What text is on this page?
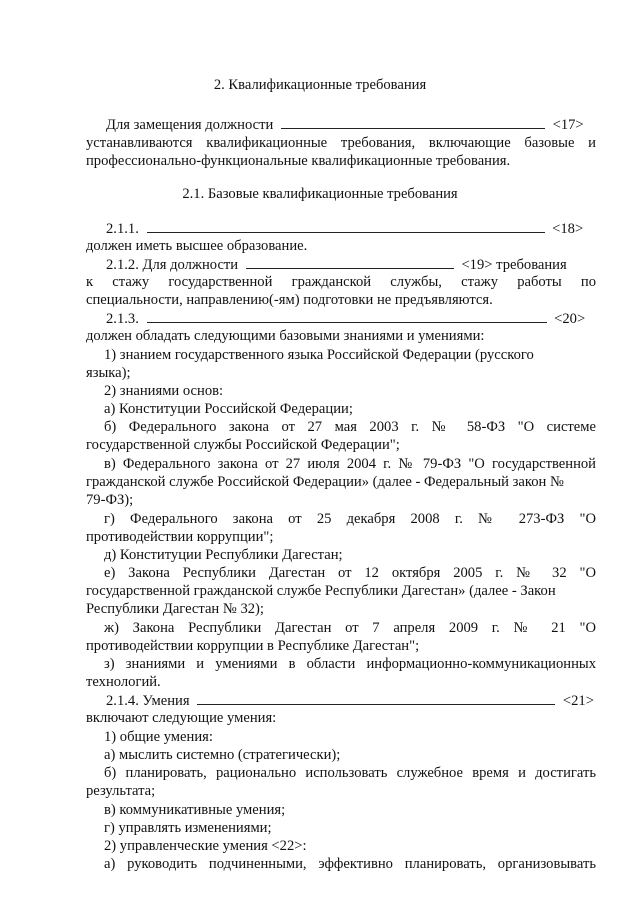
2. Квалификационные требования
Для замещения должности	<17>
устанавливаются квалификационные требования, включающие базовые и
профессионально-функциональные квалификационные требования.
2.1. Базовые квалификационные требования
2.1.1.	<18>
должен иметь высшее образование.
2.1.2. Для должности	<19> требования
к стажу государственной гражданской службы, стажу работы по
специальности, направлению(-ям) подготовки не предъявляются.
2.1.3.	<20>
должен обладать следующими базовыми знаниями и умениями:
1) знанием государственного языка Российской Федерации (русского
языка);
2) знаниями основ:
а) Конституции Российской Федерации;
б) Федерального закона от 27 мая 2003 г. № 58-ФЗ "О системе
государственной службы Российской Федерации";
в) Федерального закона от 27 июля 2004 г. № 79-ФЗ "О государственной
гражданской службе Российской Федерации» (далее - Федеральный закон №
79-ФЗ);
г) Федерального закона от 25 декабря 2008 г. № 273-ФЗ "О
противодействии коррупции";
д) Конституции Республики Дагестан;
е) Закона Республики Дагестан от 12 октября 2005 г. № 32 "О
государственной гражданской службе Республики Дагестан» (далее - Закон
Республики Дагестан № 32);
ж) Закона Республики Дагестан от 7 апреля 2009 г. № 21 "О
противодействии коррупции в Республике Дагестан";
з) знаниями и умениями в области информационно-коммуникационных
технологий.
2.1.4. Умения	<21>
включают следующие умения:
1) общие умения:
а) мыслить системно (стратегически);
б) планировать, рационально использовать служебное время и достигать
результата;
в) коммуникативные умения;
г) управлять изменениями;
2) управленческие умения <22>:
а) руководить подчиненными, эффективно планировать, организовывать
